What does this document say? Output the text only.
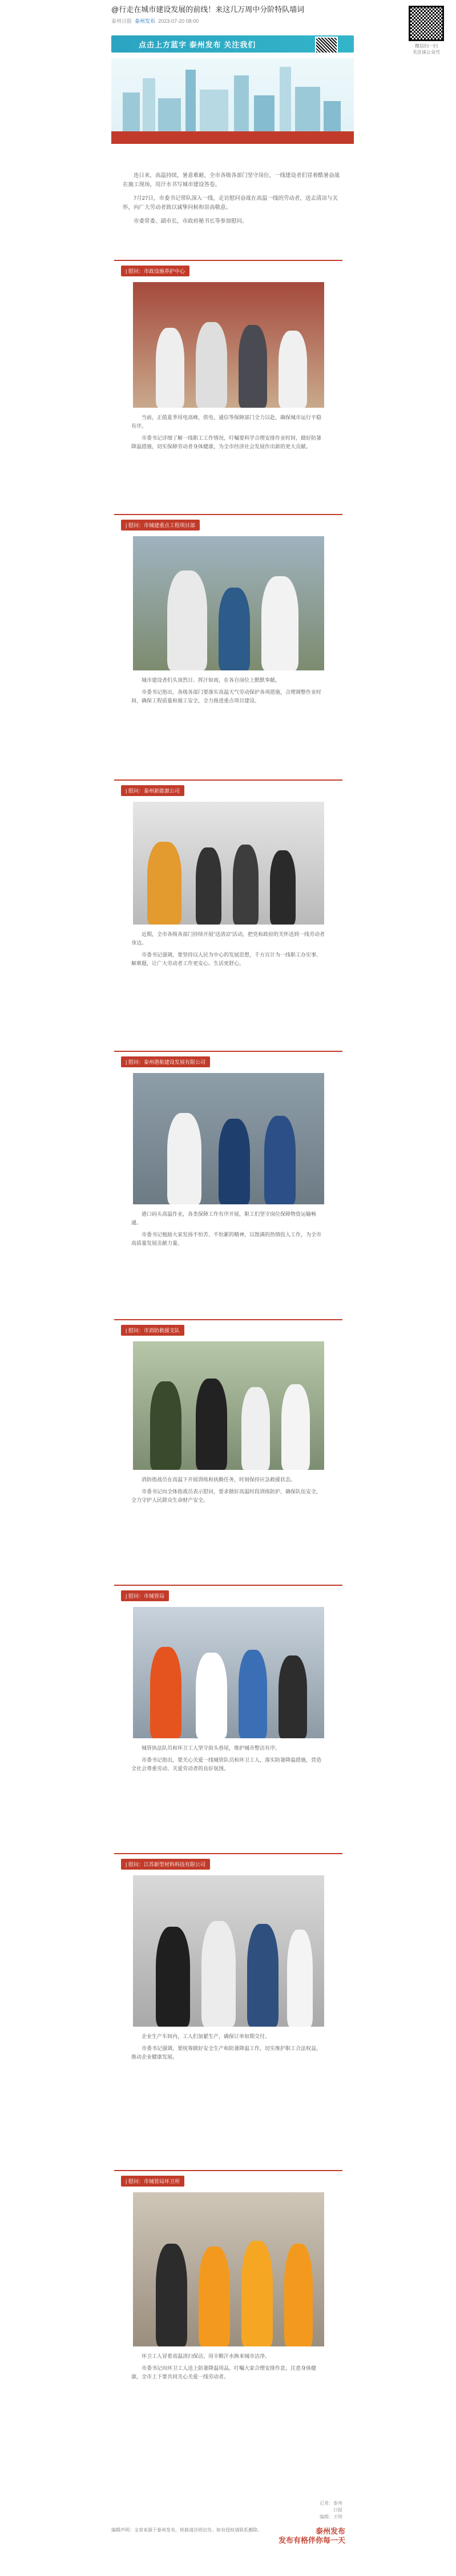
@行走在城市建设发展的前线！来这几万周中分阶特队墙词
泰州日报 泰州发布 2023-07-20 08:00
微信扫一扫
关注该公众号
点击上方蓝字 泰州发布 关注我们

连日来，高温持续，暑意难耐，全市各级各部门坚守岗位，一线建设者们冒着酷暑奋战在施工现场，用汗水书写城市建设答卷。

7月27日，市委书记带队深入一线，走访慰问奋战在高温一线的劳动者，送去清凉与关怀，向广大劳动者致以诚挚问候和崇高敬意。

市委常委、副市长，市政府秘书长等参加慰问。

| 慰问：市政设施养护中心

当前，正值夏季用电高峰，供电、通信等保障部门全力以赴，确保城市运行平稳有序。

市委书记详细了解一线职工工作情况，叮嘱要科学合理安排作业时间，做好防暑降温措施，切实保障劳动者身体健康，为全市经济社会发展作出新的更大贡献。

| 慰问：市城建重点工程项目部

城市建设者们头顶烈日、挥汗如雨，在各自岗位上默默奉献。

市委书记指出，各级各部门要落实高温天气劳动保护各项措施，合理调整作业时间，确保工程质量和施工安全，全力推进重点项目建设。

| 慰问：泰州新能源公司

近期，全市各级各部门持续开展“送清凉”活动，把党和政府的关怀送到一线劳动者身边。

市委书记强调，要坚持以人民为中心的发展思想，千方百计为一线职工办实事、解难题，让广大劳动者工作更安心、生活更舒心。

| 慰问：泰州港航建设发展有限公司

港口码头高温作业，各类保障工作有序开展，职工们坚守岗位保障物资运输畅通。

市委书记勉励大家发扬不怕苦、不怕累的精神，以饱满的热情投入工作，为全市高质量发展贡献力量。

| 慰问：市消防救援支队

消防指战员在高温下开展训练和执勤任务，时刻保持应急救援状态。

市委书记向全体指战员表示慰问，要求做好高温时段训练防护，确保队伍安全，全力守护人民群众生命财产安全。

| 慰问：市城管局

城管执法队员和环卫工人坚守街头巷尾，维护城市整洁有序。

市委书记指出，要关心关爱一线城管队员和环卫工人，落实防暑降温措施，营造全社会尊重劳动、关爱劳动者的良好氛围。

| 慰问：江苏新型材料科技有限公司

企业生产车间内，工人们加紧生产，确保订单如期交付。

市委书记强调，要统筹做好安全生产和防暑降温工作，切实维护职工合法权益，推动企业健康发展。

| 慰问：市城管局环卫所

环卫工人冒着高温清扫保洁，用辛勤汗水换来城市洁净。

市委书记向环卫工人送上防暑降温用品，叮嘱大家合理安排作息，注意身体健康，全市上下要共同关心关爱一线劳动者。

记者：泰州日报
编辑：王明
编辑声明：文章来源于泰州发布，转载请注明出处。如有侵权请联系删除。	泰州发布
发布有格伴你每一天
